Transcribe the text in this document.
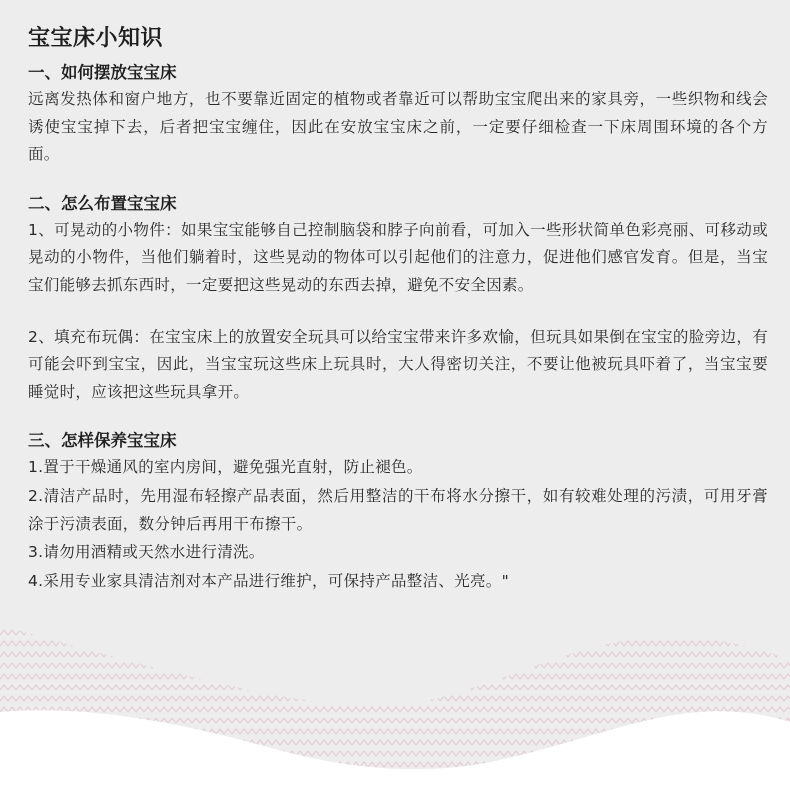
宝宝床小知识
一、如何摆放宝宝床

远离发热体和窗户地方，也不要靠近固定的植物或者靠近可以帮助宝宝爬出来的家具旁，一些织物和线会诱使宝宝掉下去，后者把宝宝缠住，因此在安放宝宝床之前，一定要仔细检查一下床周围环境的各个方面。

二、怎么布置宝宝床

1、可晃动的小物件：如果宝宝能够自己控制脑袋和脖子向前看，可加入一些形状简单色彩亮丽、可移动或晃动的小物件，当他们躺着时，这些晃动的物体可以引起他们的注意力，促进他们感官发育。但是，当宝宝们能够去抓东西时，一定要把这些晃动的东西去掉，避免不安全因素。

2、填充布玩偶：在宝宝床上的放置安全玩具可以给宝宝带来许多欢愉，但玩具如果倒在宝宝的脸旁边，有可能会吓到宝宝，因此，当宝宝玩这些床上玩具时，大人得密切关注，不要让他被玩具吓着了，当宝宝要睡觉时，应该把这些玩具拿开。

三、怎样保养宝宝床

1.置于干燥通风的室内房间，避免强光直射，防止褪色。

2.清洁产品时，先用湿布轻擦产品表面，然后用整洁的干布将水分擦干，如有较难处理的污渍，可用牙膏涂于污渍表面，数分钟后再用干布擦干。

3.请勿用酒精或天然水进行清洗。

4.采用专业家具清洁剂对本产品进行维护，可保持产品整洁、光亮。"
